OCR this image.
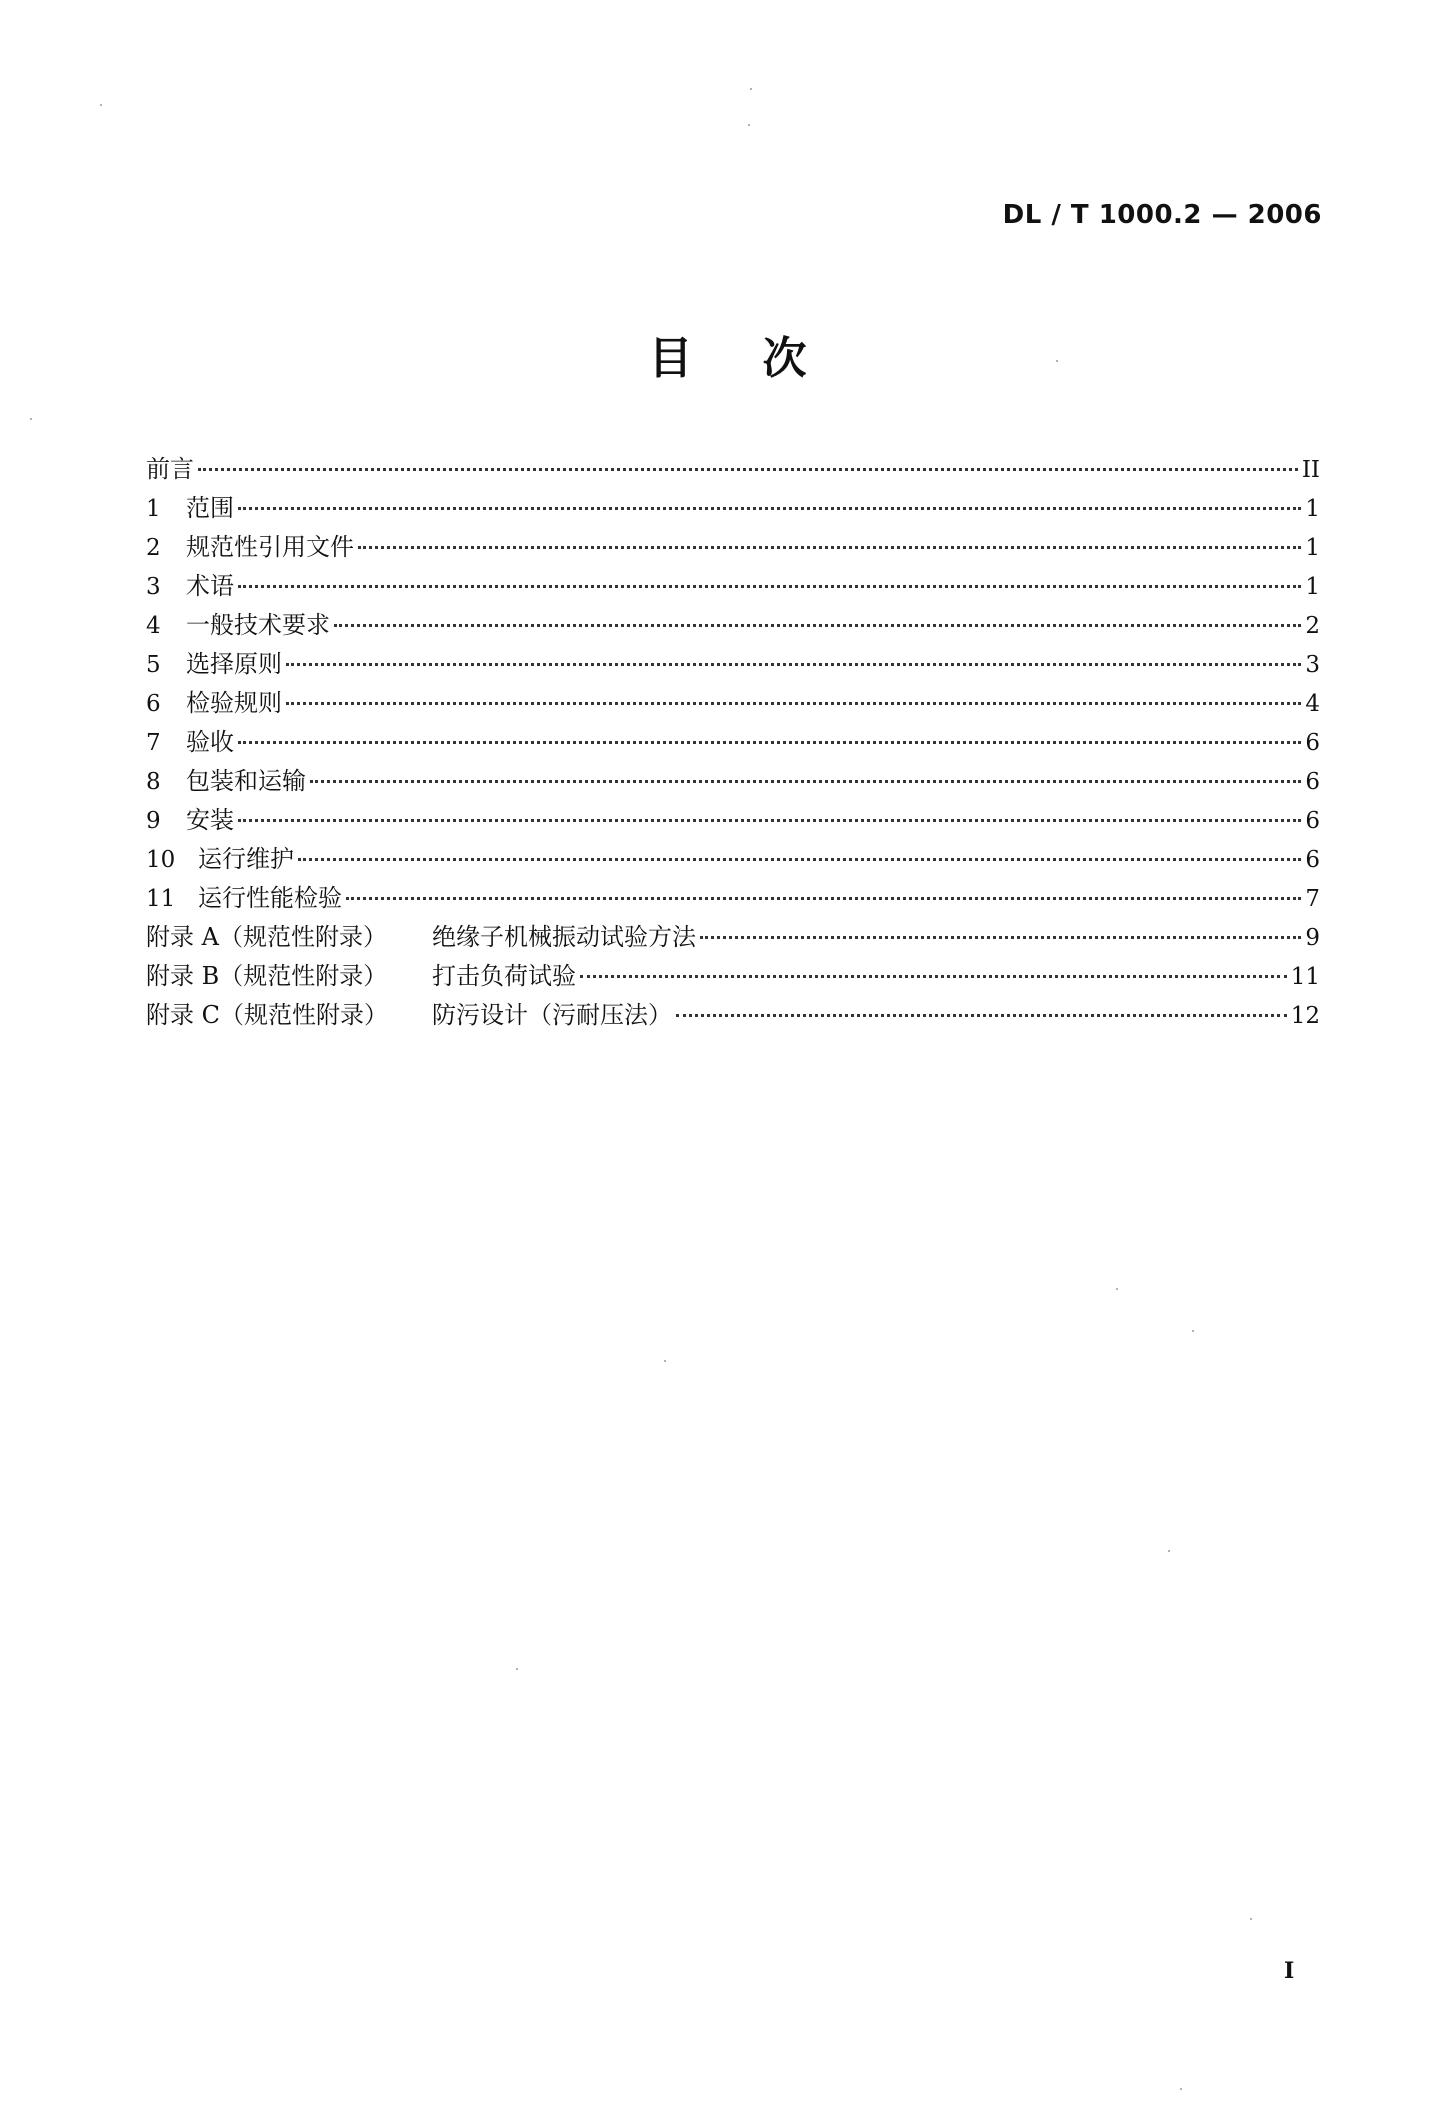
DL / T 1000.2 — 2006
目次
前言	II
1	范围	1
2	规范性引用文件	1
3	术语	1
4	一般技术要求	2
5	选择原则	3
6	检验规则	4
7	验收	6
8	包装和运输	6
9	安装	6
10 运行维护	6
11 运行性能检验	7
附录 A（规范性附录）	绝缘子机械振动试验方法	9
附录 B（规范性附录）	打击负荷试验	11
附录 C（规范性附录）	防污设计（污耐压法）	12
I
